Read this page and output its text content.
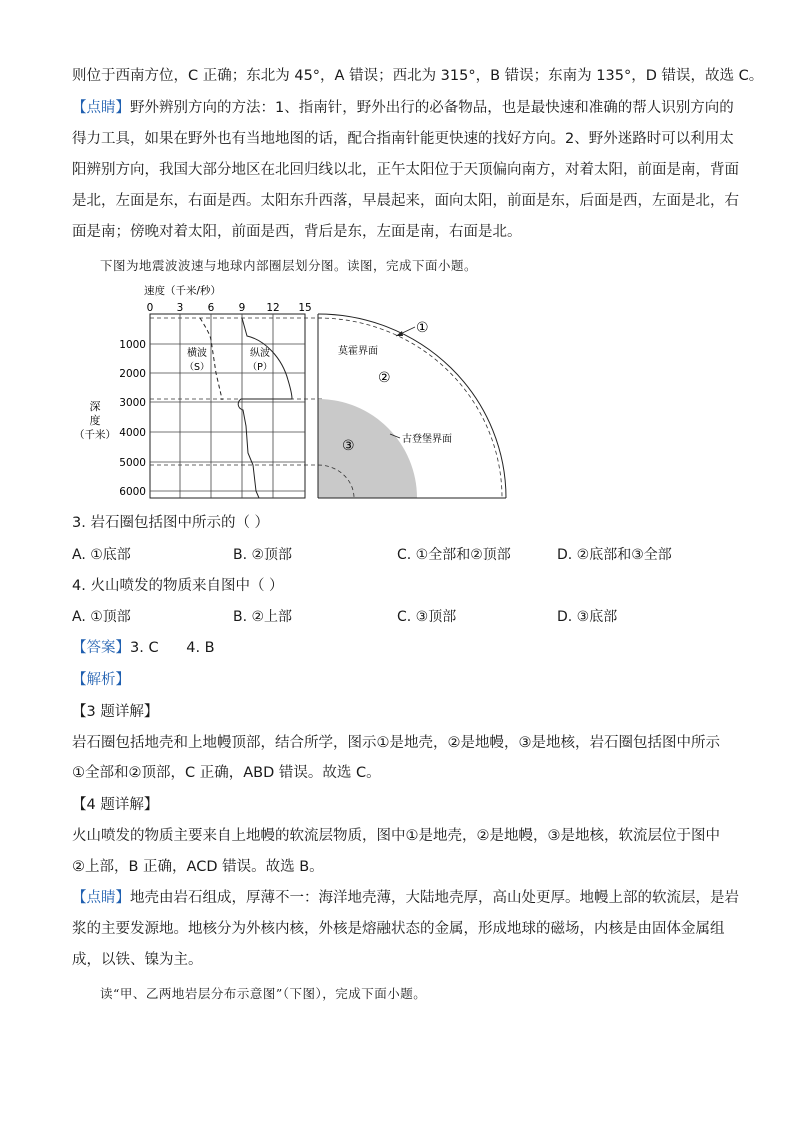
则位于西南方位，C 正确；东北为 45°，A 错误；西北为 315°，B 错误；东南为 135°，D 错误，故选 C。
【点睛】野外辨别方向的方法：1、指南针，野外出行的必备物品，也是最快速和准确的帮人识别方向的
得力工具，如果在野外也有当地地图的话，配合指南针能更快速的找好方向。2、野外迷路时可以利用太
阳辨别方向，我国大部分地区在北回归线以北，正午太阳位于天顶偏向南方，对着太阳，前面是南，背面
是北，左面是东，右面是西。太阳东升西落，早晨起来，面向太阳，前面是东，后面是西，左面是北，右
面是南；傍晚对着太阳，前面是西，背后是东，左面是南，右面是北。
下图为地震波波速与地球内部圈层划分图。读图，完成下面小题。
速度（千米/秒）
0 3 6 9 12 15
1000
2000
3000
4000
5000
6000
深
度
（千米）
横波
（S）
纵波
（P）
莫霍界面
②
③	古登堡界面
①
3. 岩石圈包括图中所示的（ ）
A. ①底部	B. ②顶部	C. ①全部和②顶部	D. ②底部和③全部
4. 火山喷发的物质来自图中（ ）
A. ①顶部	B. ②上部	C. ③顶部	D. ③底部
【答案】3. C      4. B
【解析】
【3 题详解】
岩石圈包括地壳和上地幔顶部，结合所学，图示①是地壳，②是地幔，③是地核，岩石圈包括图中所示
①全部和②顶部，C 正确，ABD 错误。故选 C。
【4 题详解】
火山喷发的物质主要来自上地幔的软流层物质，图中①是地壳，②是地幔，③是地核，软流层位于图中
②上部，B 正确，ACD 错误。故选 B。
【点睛】地壳由岩石组成，厚薄不一：海洋地壳薄，大陆地壳厚，高山处更厚。地幔上部的软流层，是岩
浆的主要发源地。地核分为外核内核，外核是熔融状态的金属，形成地球的磁场，内核是由固体金属组
成，以铁、镍为主。
读“甲、乙两地岩层分布示意图”（下图），完成下面小题。
